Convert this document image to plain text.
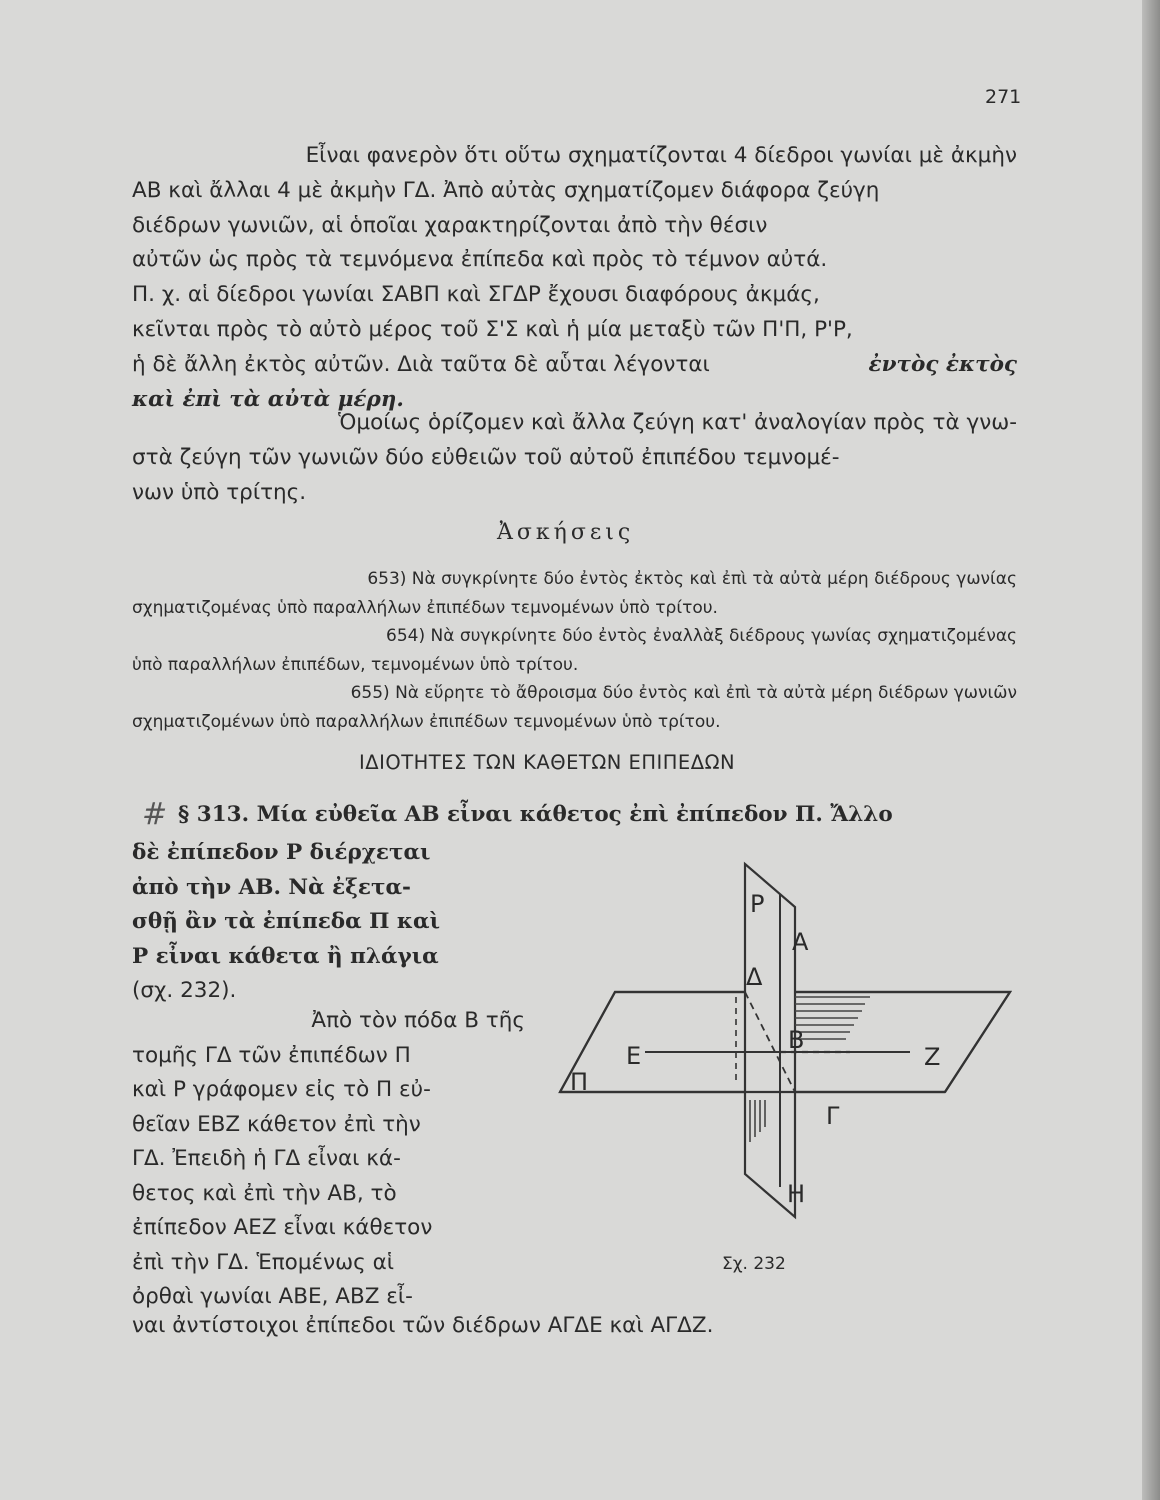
271
Εἶναι φανερὸν ὅτι οὕτω σχηματίζονται 4 δίεδροι γωνίαι μὲ ἀκμὴν
ΑΒ καὶ ἄλλαι 4 μὲ ἀκμὴν ΓΔ. Ἀπὸ αὐτὰς σχηματίζομεν διάφορα ζεύγη
διέδρων γωνιῶν, αἱ ὁποῖαι χαρακτηρίζονται ἀπὸ τὴν θέσιν
αὐτῶν ὡς πρὸς τὰ τεμνόμενα ἐπίπεδα καὶ πρὸς τὸ τέμνον αὐτά.
Π. χ. αἱ δίεδροι γωνίαι ΣΑΒΠ καὶ ΣΓΔΡ ἔχουσι διαφόρους ἀκμάς,
κεῖνται πρὸς τὸ αὐτὸ μέρος τοῦ Σ'Σ καὶ ἡ μία μεταξὺ τῶν Π'Π, Ρ'Ρ,
ἡ δὲ ἄλλη ἐκτὸς αὐτῶν. Διὰ ταῦτα δὲ αὗται λέγονται	ἐντὸς ἐκτὸς
καὶ ἐπὶ τὰ αὐτὰ μέρη.
Ὁμοίως ὁρίζομεν καὶ ἄλλα ζεύγη κατ' ἀναλογίαν πρὸς τὰ γνω-
στὰ ζεύγη τῶν γωνιῶν δύο εὐθειῶν τοῦ αὐτοῦ ἐπιπέδου τεμνομέ-
νων ὑπὸ τρίτης.
Ἀσκήσεις
653) Νὰ συγκρίνητε δύο ἐντὸς ἐκτὸς καὶ ἐπὶ τὰ αὐτὰ μέρη διέδρους γωνίας
σχηματιζομένας ὑπὸ παραλλήλων ἐπιπέδων τεμνομένων ὑπὸ τρίτου.
654) Νὰ συγκρίνητε δύο ἐντὸς ἐναλλὰξ διέδρους γωνίας σχηματιζομένας
ὑπὸ παραλλήλων ἐπιπέδων, τεμνομένων ὑπὸ τρίτου.
655) Νὰ εὕρητε τὸ ἄθροισμα δύο ἐντὸς καὶ ἐπὶ τὰ αὐτὰ μέρη διέδρων γωνιῶν
σχηματιζομένων ὑπὸ παραλλήλων ἐπιπέδων τεμνομένων ὑπὸ τρίτου.
ΙΔΙΟΤΗΤΕΣ ΤΩΝ ΚΑΘΕΤΩΝ ΕΠΙΠΕΔΩΝ
# § 313. Μία εὐθεῖα ΑΒ εἶναι κάθετος ἐπὶ ἐπίπεδον Π. Ἄλλο
δὲ ἐπίπεδον Ρ διέρχεται
ἀπὸ τὴν ΑΒ. Νὰ ἐξετα-
σθῇ ἂν τὰ ἐπίπεδα Π καὶ
Ρ εἶναι κάθετα ἢ πλάγια
(σχ. 232).
Ἀπὸ τὸν πόδα Β τῆς
τομῆς ΓΔ τῶν ἐπιπέδων Π
καὶ Ρ γράφομεν εἰς τὸ Π εὐ-
θεῖαν ΕΒΖ κάθετον ἐπὶ τὴν
ΓΔ. Ἐπειδὴ ἡ ΓΔ εἶναι κά-
θετος καὶ ἐπὶ τὴν ΑΒ, τὸ
ἐπίπεδον ΑΕΖ εἶναι κάθετον
ἐπὶ τὴν ΓΔ. Ἑπομένως αἱ
ὀρθαὶ γωνίαι ΑΒΕ, ΑΒΖ εἶ-
ναι ἀντίστοιχοι ἐπίπεδοι τῶν διέδρων ΑΓΔΕ καὶ ΑΓΔΖ.
Ρ
Α
Δ
Β
Ε	Ζ
Π
Γ
Η
Σχ. 232
